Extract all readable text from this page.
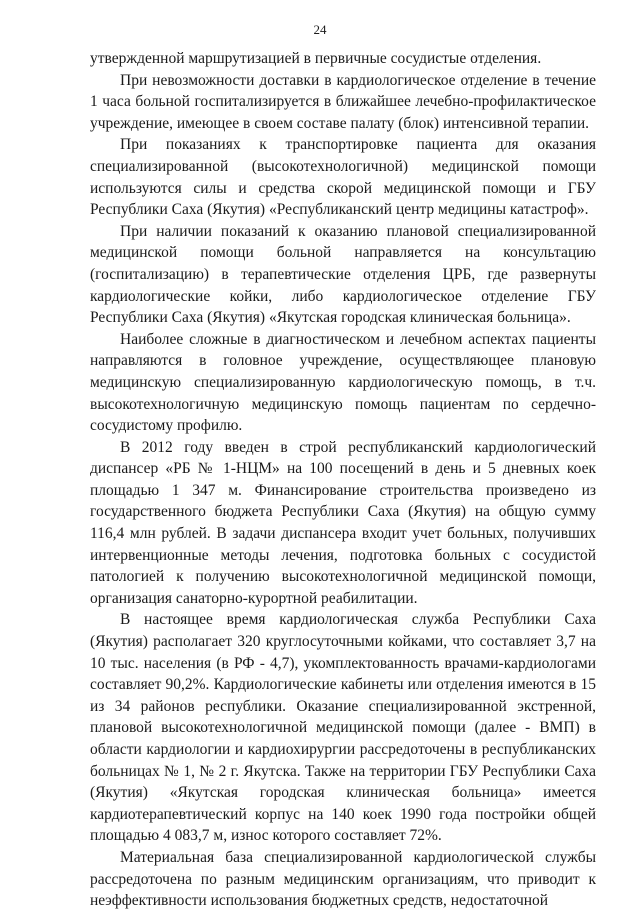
24

утвержденной маршрутизацией в первичные сосудистые отделения.

При невозможности доставки в кардиологическое отделение в течение 1 часа больной госпитализируется в ближайшее лечебно-профилактическое учреждение, имеющее в своем составе палату (блок) интенсивной терапии.

При показаниях к транспортировке пациента для оказания специализированной (высокотехнологичной) медицинской помощи используются силы и средства скорой медицинской помощи и ГБУ Республики Саха (Якутия) «Республиканский центр медицины катастроф».

При наличии показаний к оказанию плановой специализированной медицинской помощи больной направляется на консультацию (госпитализацию) в терапевтические отделения ЦРБ, где развернуты кардиологические койки, либо кардиологическое отделение ГБУ Республики Саха (Якутия) «Якутская городская клиническая больница».

Наиболее сложные в диагностическом и лечебном аспектах пациенты направляются в головное учреждение, осуществляющее плановую медицинскую специализированную кардиологическую помощь, в т.ч. высокотехнологичную медицинскую помощь пациентам по сердечно-сосудистому профилю.

В 2012 году введен в строй республиканский кардиологический диспансер «РБ № 1-НЦМ» на 100 посещений в день и 5 дневных коек площадью 1 347 м. Финансирование строительства произведено из государственного бюджета Республики Саха (Якутия) на общую сумму 116,4 млн рублей. В задачи диспансера входит учет больных, получивших интервенционные методы лечения, подготовка больных с сосудистой патологией к получению высокотехнологичной медицинской помощи, организация санаторно-курортной реабилитации.

В настоящее время кардиологическая служба Республики Саха (Якутия) располагает 320 круглосуточными койками, что составляет 3,7 на 10 тыс. населения (в РФ - 4,7), укомплектованность врачами-кардиологами составляет 90,2%. Кардиологические кабинеты или отделения имеются в 15 из 34 районов республики. Оказание специализированной экстренной, плановой высокотехнологичной медицинской помощи (далее - ВМП) в области кардиологии и кардиохирургии рассредоточены в республиканских больницах № 1, № 2 г. Якутска. Также на территории ГБУ Республики Саха (Якутия) «Якутская городская клиническая больница» имеется кардиотерапевтический корпус на 140 коек 1990 года постройки общей площадью 4 083,7 м, износ которого составляет 72%.

Материальная база специализированной кардиологической службы рассредоточена по разным медицинским организациям, что приводит к неэффективности использования бюджетных средств, недостаточной
